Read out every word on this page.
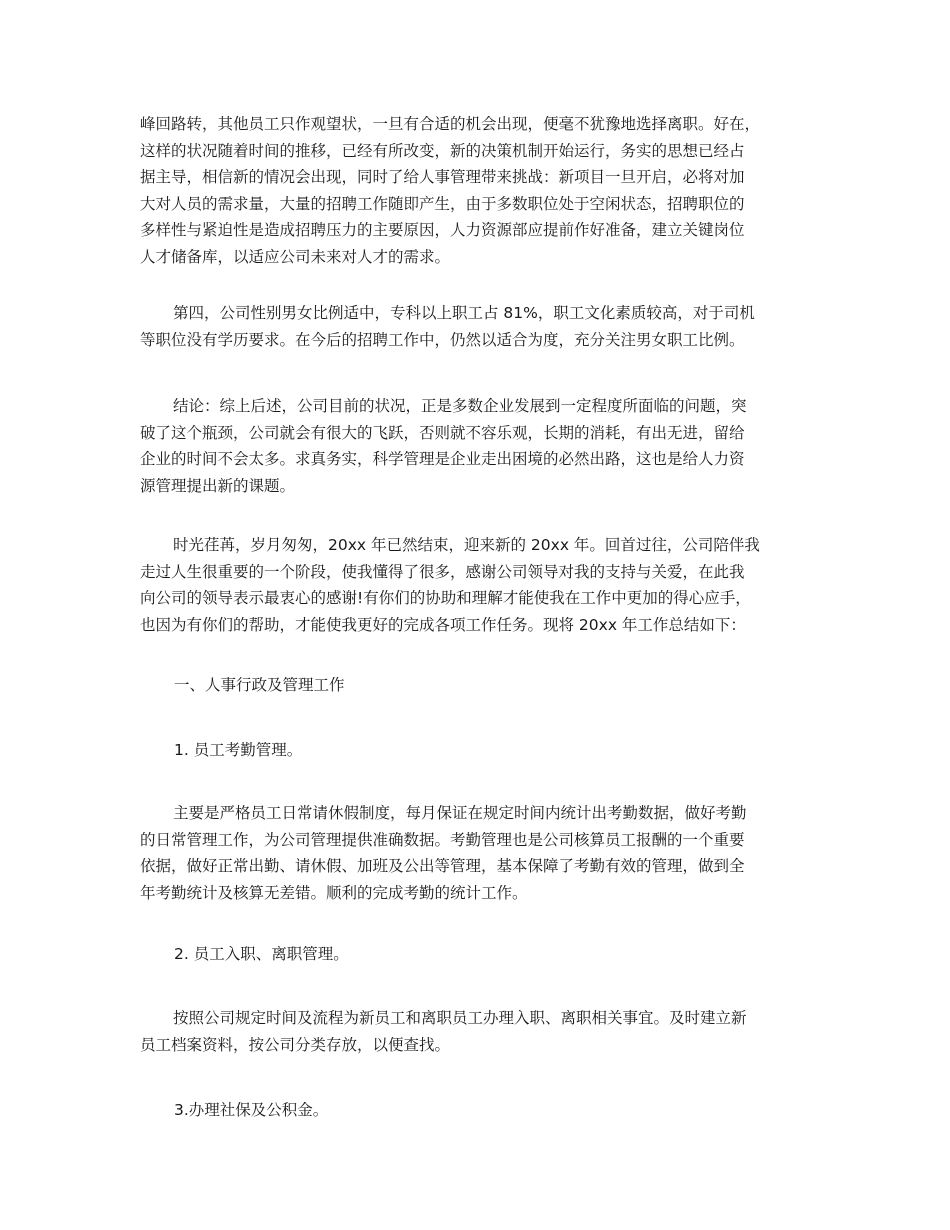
峰回路转，其他员工只作观望状，一旦有合适的机会出现，便毫不犹豫地选择离职。好在，
这样的状况随着时间的推移，已经有所改变，新的决策机制开始运行，务实的思想已经占
据主导，相信新的情况会出现，同时了给人事管理带来挑战：新项目一旦开启，必将对加
大对人员的需求量，大量的招聘工作随即产生，由于多数职位处于空闲状态，招聘职位的
多样性与紧迫性是造成招聘压力的主要原因，人力资源部应提前作好准备，建立关键岗位
人才储备库，以适应公司未来对人才的需求。
第四，公司性别男女比例适中，专科以上职工占 81%，职工文化素质较高，对于司机
等职位没有学历要求。在今后的招聘工作中，仍然以适合为度，充分关注男女职工比例。
结论：综上后述，公司目前的状况，正是多数企业发展到一定程度所面临的问题，突
破了这个瓶颈，公司就会有很大的飞跃，否则就不容乐观，长期的消耗，有出无进，留给
企业的时间不会太多。求真务实，科学管理是企业走出困境的必然出路，这也是给人力资
源管理提出新的课题。
时光荏苒，岁月匆匆，20xx 年已然结束，迎来新的 20xx 年。回首过往，公司陪伴我
走过人生很重要的一个阶段，使我懂得了很多，感谢公司领导对我的支持与关爱，在此我
向公司的领导表示最衷心的感谢!有你们的协助和理解才能使我在工作中更加的得心应手，
也因为有你们的帮助，才能使我更好的完成各项工作任务。现将 20xx 年工作总结如下：
一、人事行政及管理工作
1. 员工考勤管理。
主要是严格员工日常请休假制度，每月保证在规定时间内统计出考勤数据，做好考勤
的日常管理工作，为公司管理提供准确数据。考勤管理也是公司核算员工报酬的一个重要
依据，做好正常出勤、请休假、加班及公出等管理，基本保障了考勤有效的管理，做到全
年考勤统计及核算无差错。顺利的完成考勤的统计工作。
2. 员工入职、离职管理。
按照公司规定时间及流程为新员工和离职员工办理入职、离职相关事宜。及时建立新
员工档案资料，按公司分类存放，以便查找。
3.办理社保及公积金。
